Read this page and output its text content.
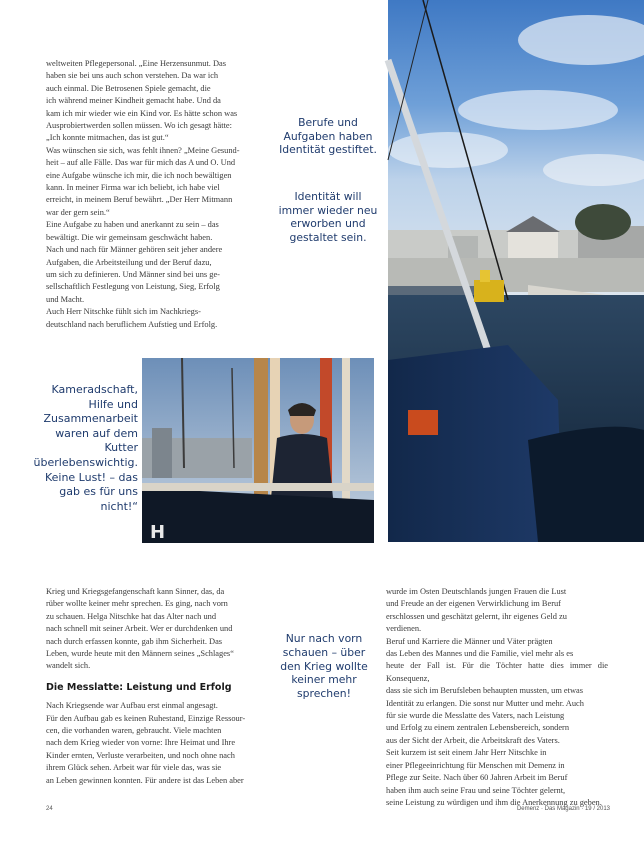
H

weltweiten Pflegepersonal. „Eine Herzensunmut. Das

haben sie bei uns auch schon verstehen. Da war ich

auch einmal. Die Betrosenen Spiele gemacht, die

ich während meiner Kindheit gemacht habe. Und da

kam ich mir wieder wie ein Kind vor. Es hätte schon was

Ausprobiertwerden sollen müssen. Wo ich gesagt hätte:

„Ich konnte mitmachen, das ist gut.“

Was wünschen sie sich, was fehlt ihnen? „Meine Gesund-

heit – auf alle Fälle. Das war für mich das A und O. Und

eine Aufgabe wünsche ich mir, die ich noch bewältigen

kann. In meiner Firma war ich beliebt, ich habe viel

erreicht, in meinem Beruf bewährt. „Der Herr Mitmann

war der gern sein.“

Eine Aufgabe zu haben und anerkannt zu sein – das

bewältigt. Die wir gemeinsam geschwächt haben.

Nach und nach für Männer gehören seit jeher andere

Aufgaben, die Arbeitsteilung und der Beruf dazu,

um sich zu definieren. Und Männer sind bei uns ge-

sellschaftlich Festlegung von Leistung, Sieg, Erfolg

und Macht.

Auch Herr Nitschke fühlt sich im Nachkriegs-

deutschland nach beruflichem Aufstieg und Erfolg.

Berufe und Aufgaben haben Identität gestiftet.

Identität will immer wieder neu erworben und gestaltet sein.

Kameradschaft, Hilfe und Zusammenarbeit waren auf dem Kutter überlebenswichtig. Keine Lust! – das gab es für uns nicht!“

Nur nach vorn schauen – über den Krieg wollte keiner mehr sprechen!

Krieg und Kriegsgefangenschaft kann Sinner, das, da

rüber wollte keiner mehr sprechen. Es ging, nach vorn

zu schauen. Helga Nitschke hat das Alter nach und

nach schnell mit seiner Arbeit. Wer er durchdenken und

nach durch erfassen konnte, gab ihm Sicherheit. Das

Leben, wurde heute mit den Männern seines „Schlages“

wandelt sich.

Die Messlatte: Leistung und Erfolg

Nach Kriegsende war Aufbau erst einmal angesagt.

Für den Aufbau gab es keinen Ruhestand, Einzige Ressour-

cen, die vorhanden waren, gebraucht. Viele machten

nach dem Krieg wieder von vorne: Ihre Heimat und Ihre

Kinder ernten, Verluste verarbeiten, und noch ohne nach

ihrem Glück sehen. Arbeit war für viele das, was sie

an Leben gewinnen konnten. Für andere ist das Leben aber

wurde im Osten Deutschlands jungen Frauen die Lust

und Freude an der eigenen Verwirklichung im Beruf

erschlossen und geschätzt gelernt, ihr eigenes Geld zu

verdienen.

Beruf und Karriere die Männer und Väter prägten

das Leben des Mannes und die Familie, viel mehr als es

heute der Fall ist. Für die Töchter hatte dies immer die Konsequenz,

dass sie sich im Berufsleben behaupten mussten, um etwas

Identität zu erlangen. Die sonst nur Mutter und mehr. Auch

für sie wurde die Messlatte des Vaters, nach Leistung

und Erfolg zu einem zentralen Lebensbereich, sondern

aus der Sicht der Arbeit, die Arbeitskraft des Vaters.

Seit kurzem ist seit einem Jahr Herr Nitschke in

einer Pflegeeinrichtung für Menschen mit Demenz in

Pflege zur Seite. Nach über 60 Jahren Arbeit im Beruf

haben ihm auch seine Frau und seine Töchter gelernt,

seine Leistung zu würdigen und ihm die Anerkennung zu geben.

24	Demenz · Das Magazin · 19 / 2013
